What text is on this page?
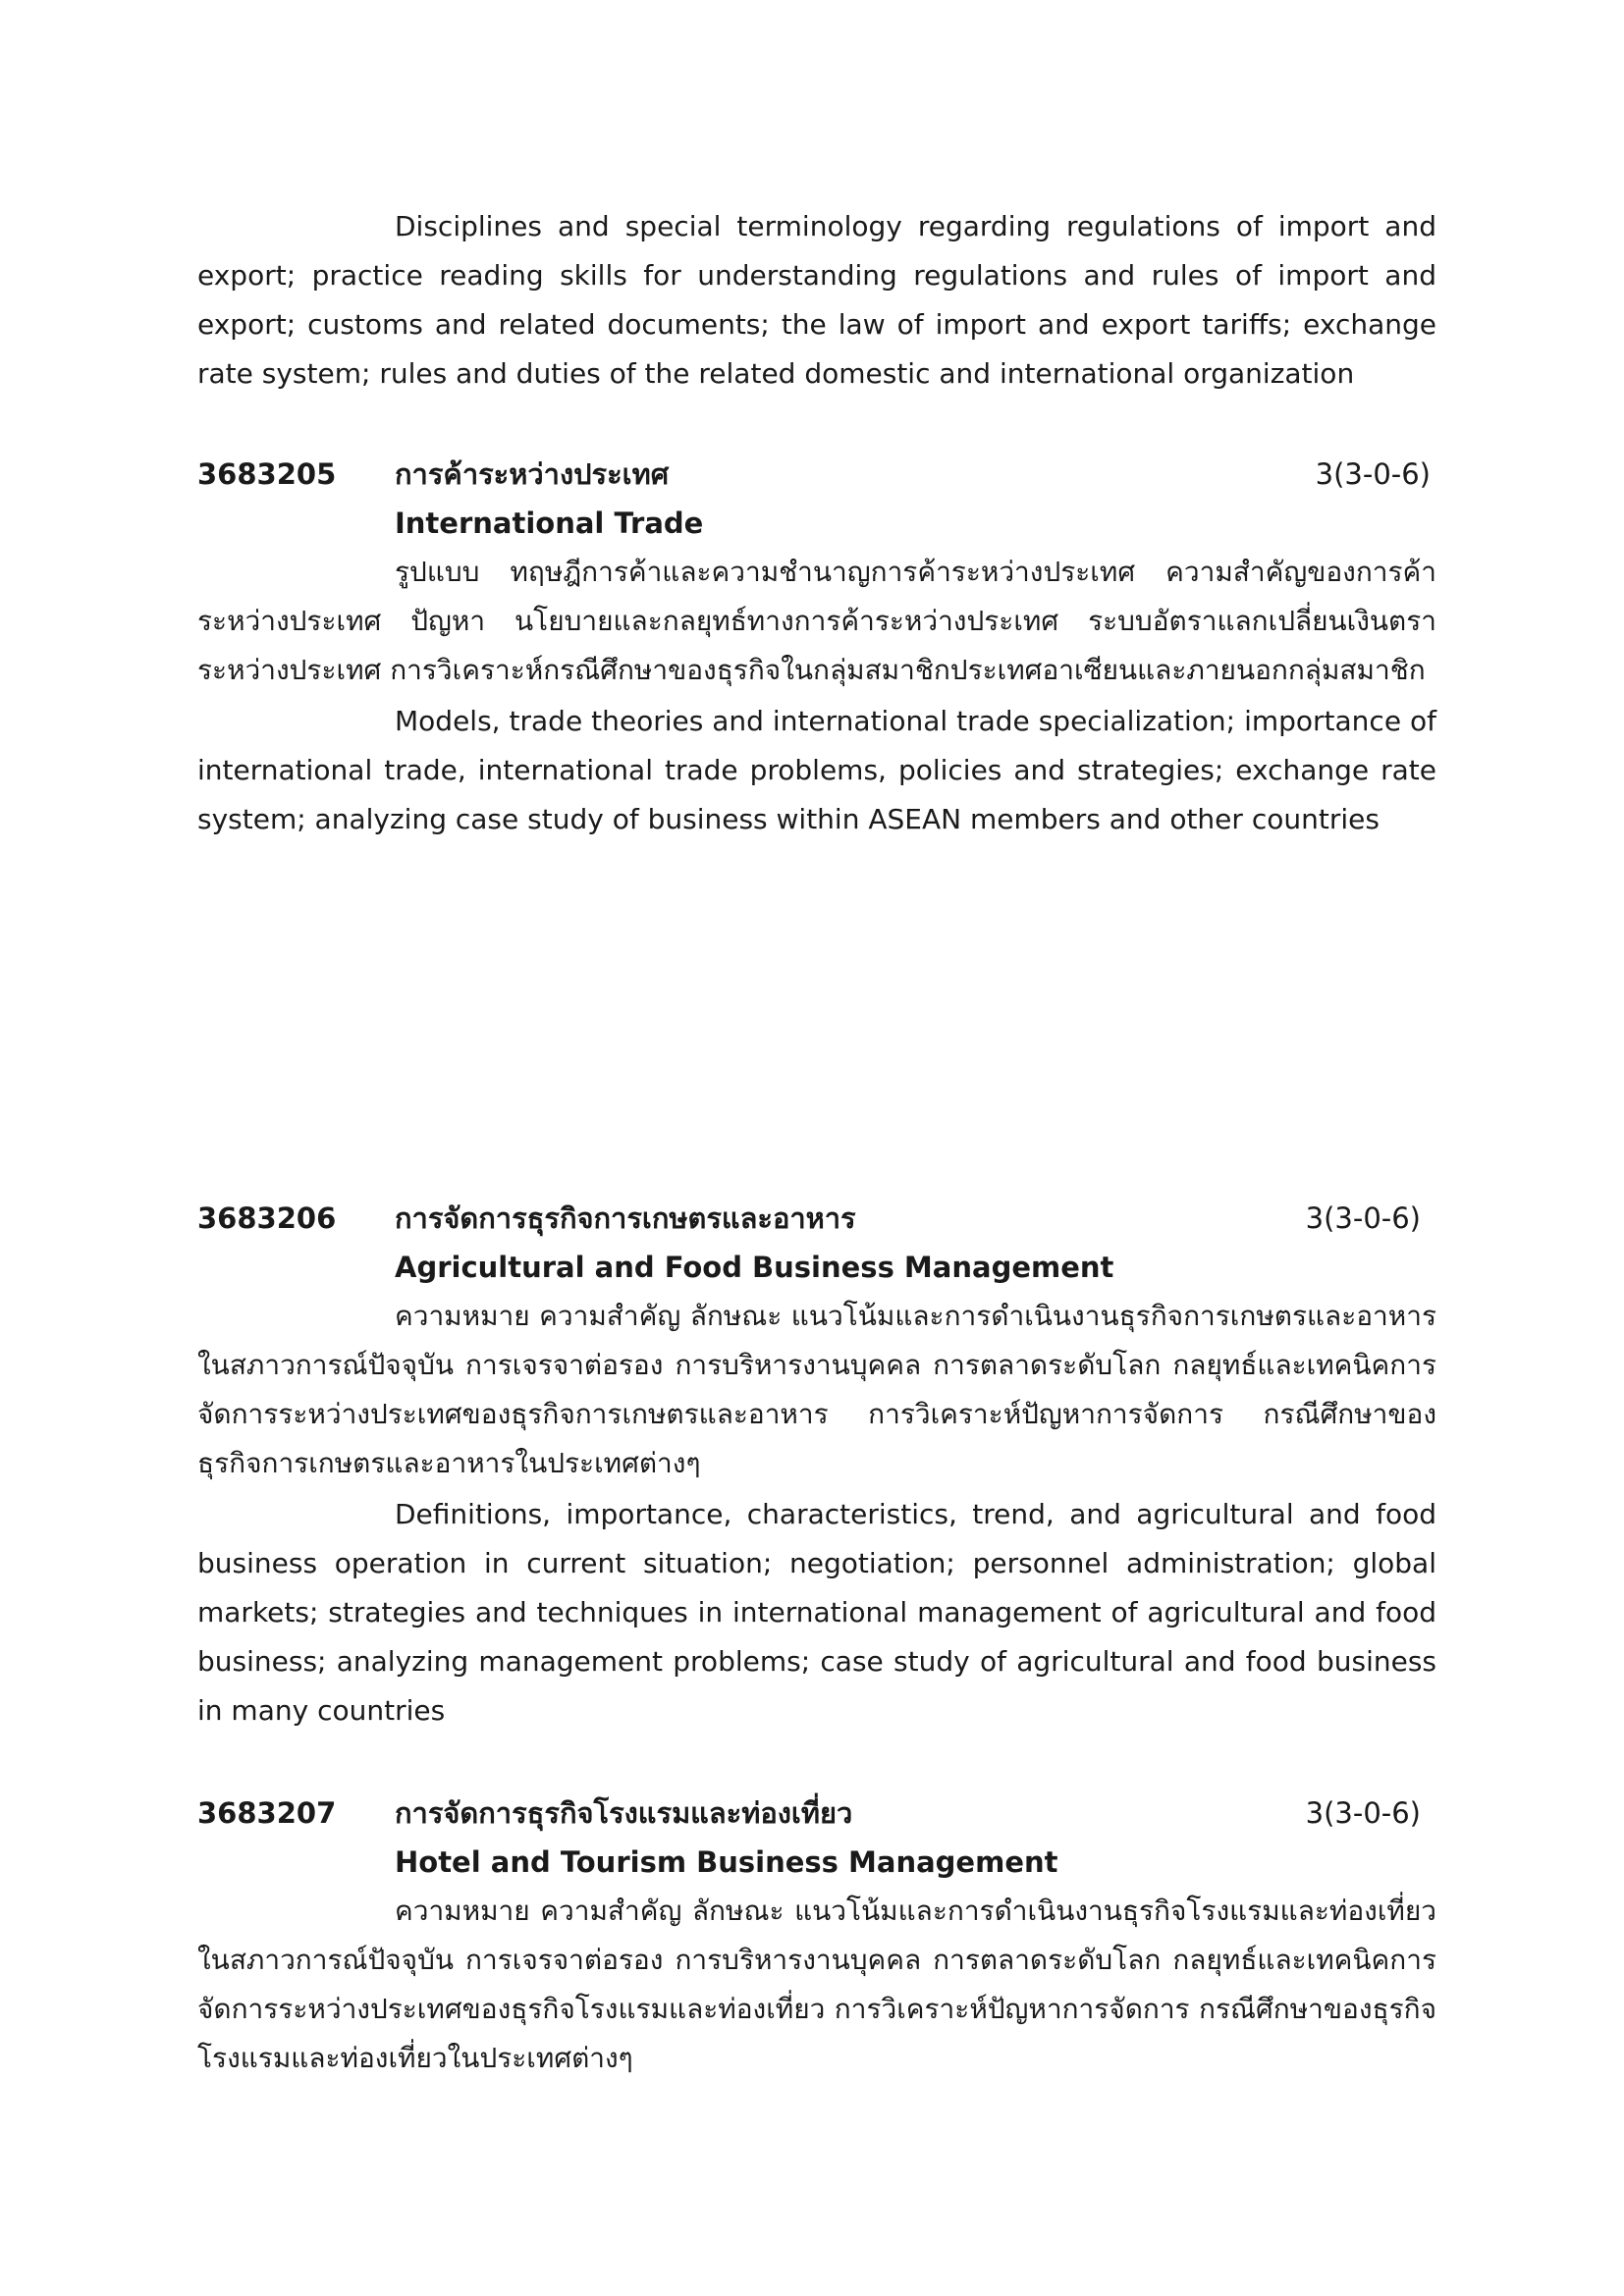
Disciplines and special terminology regarding regulations of import and export; practice reading skills for understanding regulations and rules of import and export; customs and related documents; the law of import and export tariffs; exchange rate system; rules and duties of the related domestic and international organization

3683205 การค้าระหว่างประเทศ	3(3-0-6)
International Trade

รูปแบบ ทฤษฎีการค้าและความชำนาญการค้าระหว่างประเทศ ความสำคัญของการค้าระหว่างประเทศ ปัญหา นโยบายและกลยุทธ์ทางการค้าระหว่างประเทศ ระบบอัตราแลกเปลี่ยนเงินตราระหว่างประเทศ การวิเคราะห์กรณีศึกษาของธุรกิจในกลุ่มสมาชิกประเทศอาเซียนและภายนอกกลุ่มสมาชิก

Models, trade theories and international trade specialization; importance of international trade, international trade problems, policies and strategies; exchange rate system; analyzing case study of business within ASEAN members and other countries

3683206 การจัดการธุรกิจการเกษตรและอาหาร	3(3-0-6)
Agricultural and Food Business Management

ความหมาย ความสำคัญ ลักษณะ แนวโน้มและการดำเนินงานธุรกิจการเกษตรและอาหารในสภาวการณ์ปัจจุบัน การเจรจาต่อรอง การบริหารงานบุคคล การตลาดระดับโลก กลยุทธ์และเทคนิคการจัดการระหว่างประเทศของธุรกิจการเกษตรและอาหาร การวิเคราะห์ปัญหาการจัดการ กรณีศึกษาของธุรกิจการเกษตรและอาหารในประเทศต่างๆ

Definitions, importance, characteristics, trend, and agricultural and food business operation in current situation; negotiation; personnel administration; global markets; strategies and techniques in international management of agricultural and food business; analyzing management problems; case study of agricultural and food business in many countries

3683207 การจัดการธุรกิจโรงแรมและท่องเที่ยว	3(3-0-6)
Hotel and Tourism Business Management

ความหมาย ความสำคัญ ลักษณะ แนวโน้มและการดำเนินงานธุรกิจโรงแรมและท่องเที่ยวในสภาวการณ์ปัจจุบัน การเจรจาต่อรอง การบริหารงานบุคคล การตลาดระดับโลก กลยุทธ์และเทคนิคการจัดการระหว่างประเทศของธุรกิจโรงแรมและท่องเที่ยว การวิเคราะห์ปัญหาการจัดการ กรณีศึกษาของธุรกิจโรงแรมและท่องเที่ยวในประเทศต่างๆ
